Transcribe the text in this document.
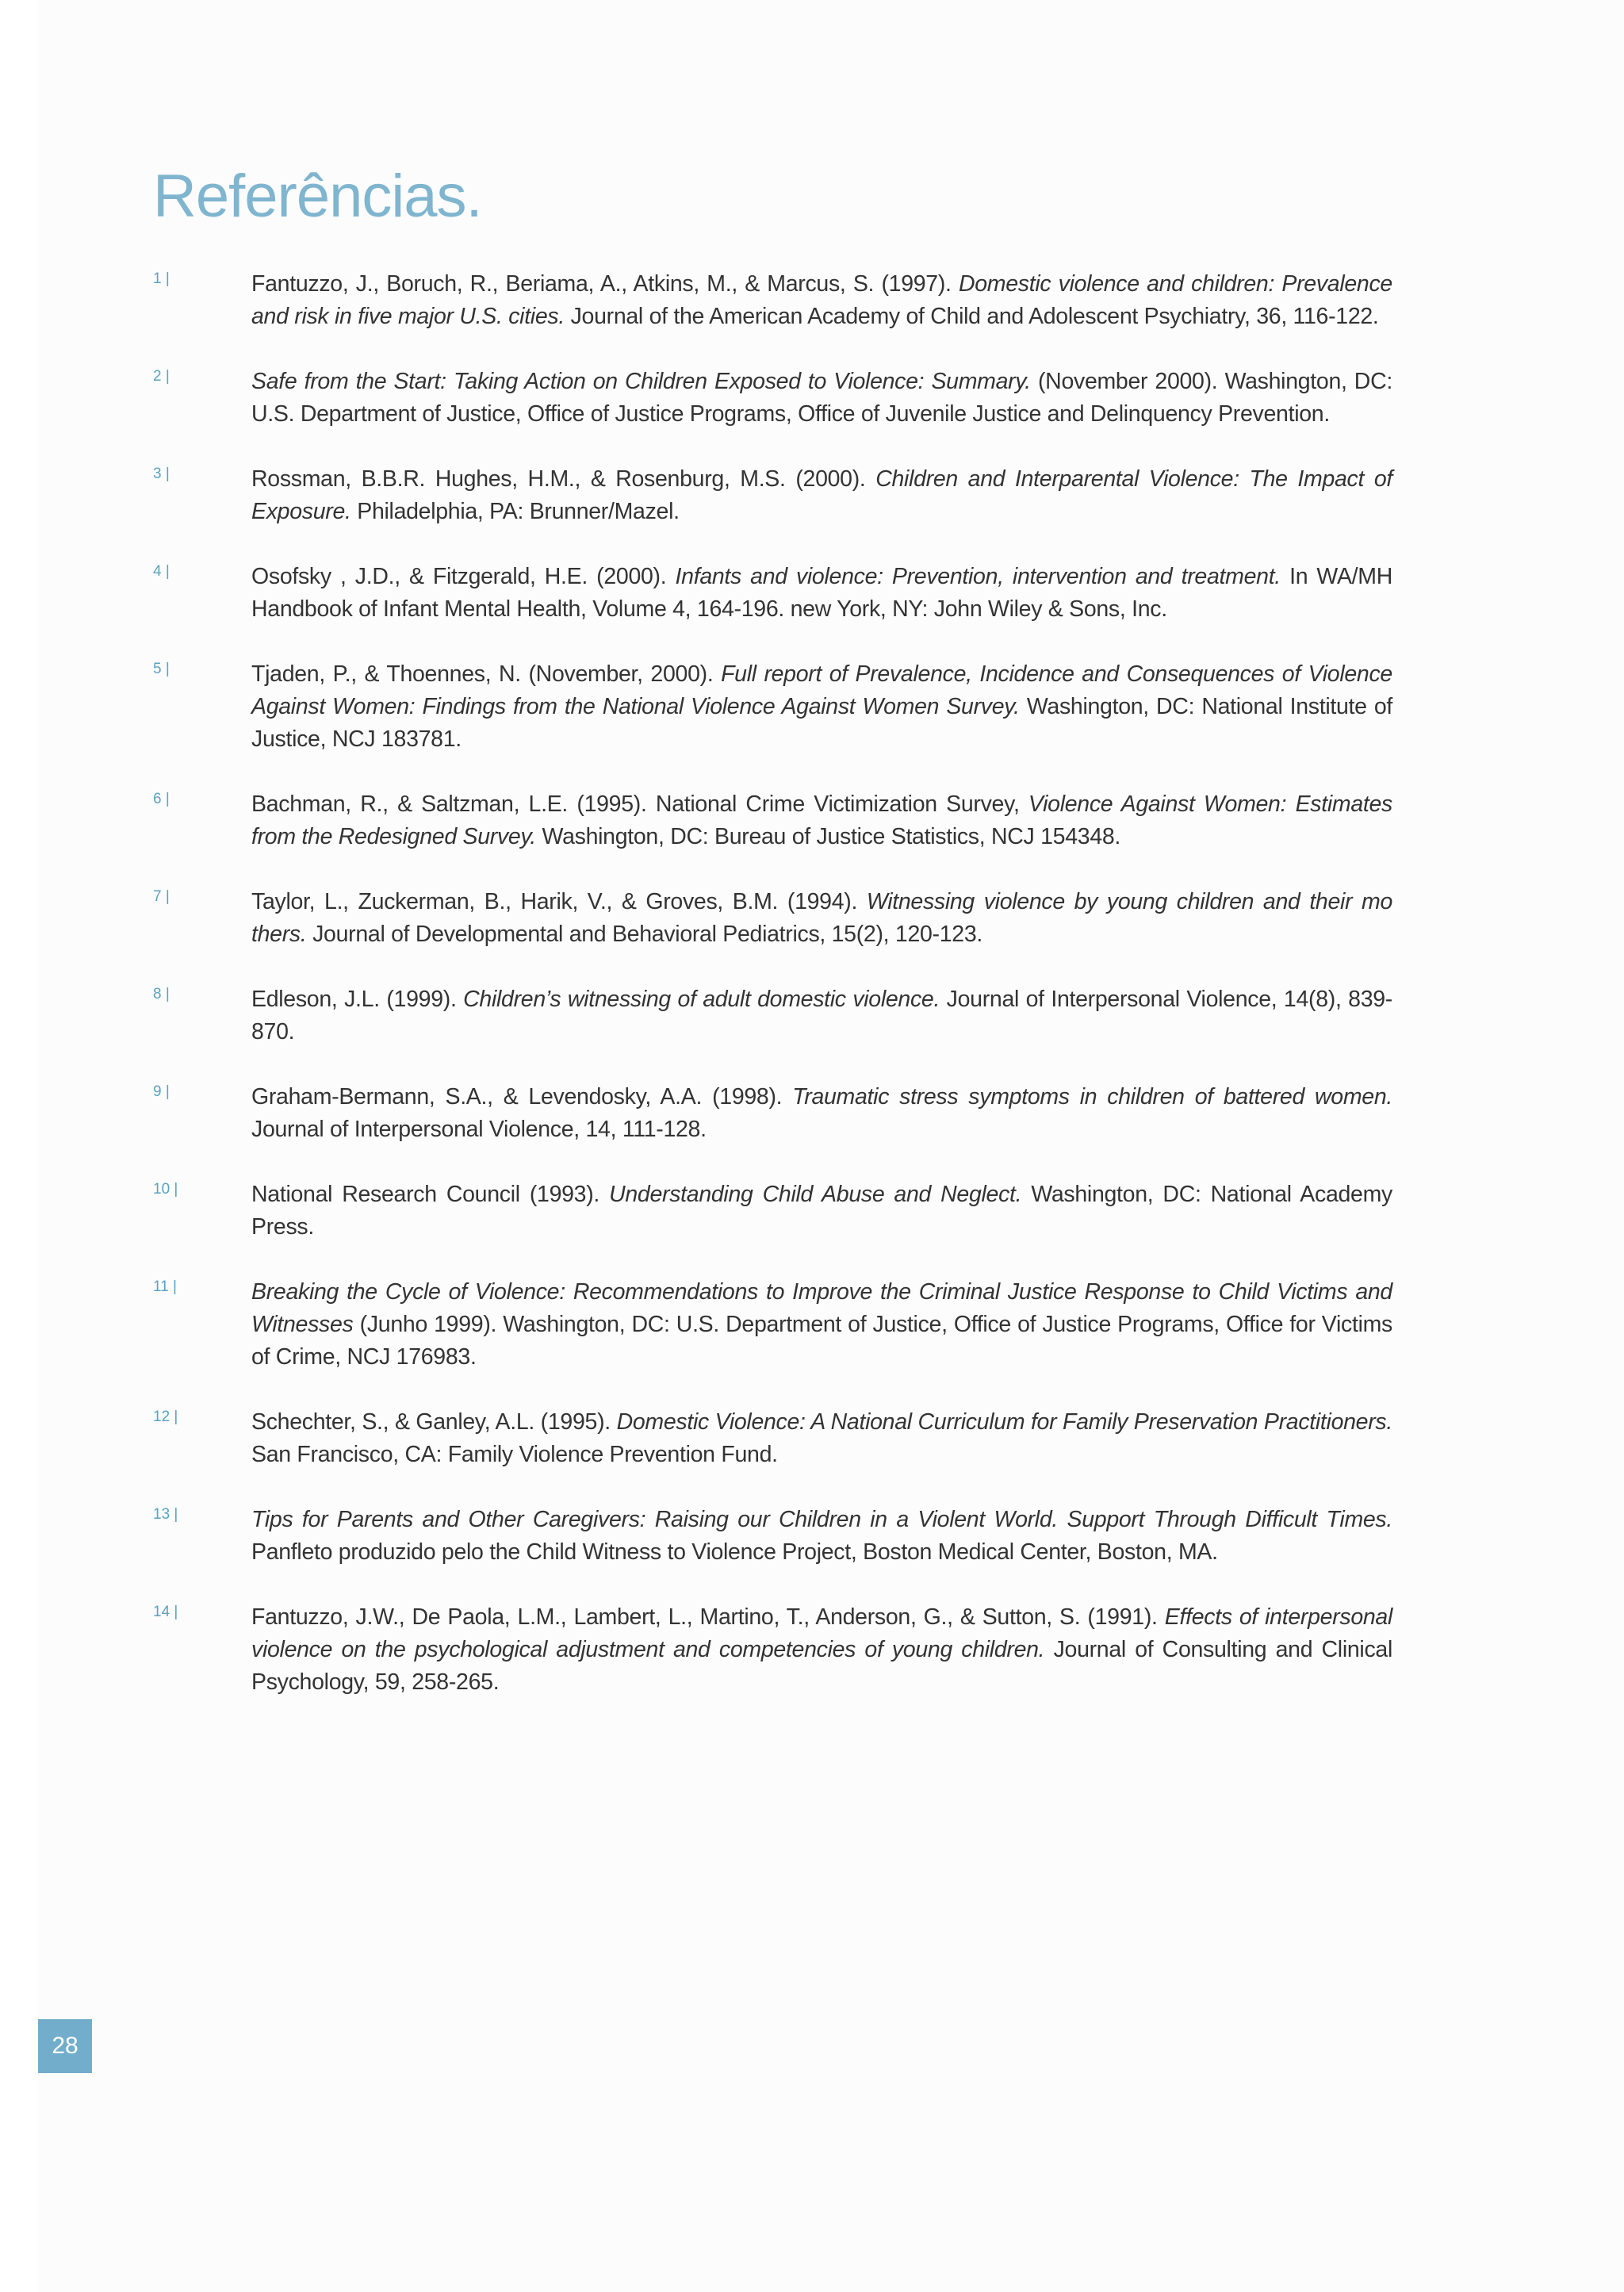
Referências.
1 |	Fantuzzo, J., Boruch, R., Beriama, A., Atkins, M., & Marcus, S. (1997). Domestic violence and children: Prevalence and risk in five major U.S. cities. Journal of the American Academy of Child and Adolescent Psychiatry, 36, 116-122.
2 |	Safe from the Start: Taking Action on Children Exposed to Violence: Summary. (November 2000). Washington, DC: U.S. Department of Justice, Office of Justice Programs, Office of Juvenile Justice and Delinquency Prevention.
3 |	Rossman, B.B.R. Hughes, H.M., & Rosenburg, M.S. (2000). Children and Interparental Violence: The Impact of Exposure. Philadelphia, PA: Brunner/Mazel.
4 |	Osofsky , J.D., & Fitzgerald, H.E. (2000). Infants and violence: Prevention, intervention and treatment. In WA/MH Handbook of Infant Mental Health, Volume 4, 164-196. new York, NY: John Wiley & Sons, Inc.
5 |	Tjaden, P., & Thoennes, N. (November, 2000). Full report of Prevalence, Incidence and Consequences of Violence Against Women: Findings from the National Violence Against Women Survey. Washington, DC: National Institute of Justice, NCJ 183781.
6 |	Bachman, R., & Saltzman, L.E. (1995). National Crime Victimization Survey, Violence Against Women: Estimates from the Redesigned Survey. Washington, DC: Bureau of Justice Statistics, NCJ 154348.
7 |	Taylor, L., Zuckerman, B., Harik, V., & Groves, B.M. (1994). Witnessing violence by young children and their mo thers. Journal of Developmental and Behavioral Pediatrics, 15(2), 120-123.
8 |	Edleson, J.L. (1999). Children’s witnessing of adult domestic violence. Journal of Interpersonal Violence, 14(8), 839-870.
9 |	Graham-Bermann, S.A., & Levendosky, A.A. (1998). Traumatic stress symptoms in children of battered women. Journal of Interpersonal Violence, 14, 111-128.
10 |	National Research Council (1993). Understanding Child Abuse and Neglect. Washington, DC: National Academy Press.
11 |	Breaking the Cycle of Violence: Recommendations to Improve the Criminal Justice Response to Child Victims and Witnesses (Junho 1999). Washington, DC: U.S. Department of Justice, Office of Justice Programs, Office for Victims of Crime, NCJ 176983.
12 |	Schechter, S., & Ganley, A.L. (1995). Domestic Violence: A National Curriculum for Family Preservation Practitioners. San Francisco, CA: Family Violence Prevention Fund.
13 |	Tips for Parents and Other Caregivers: Raising our Children in a Violent World. Support Through Difficult Times. Panfleto produzido pelo the Child Witness to Violence Project, Boston Medical Center, Boston, MA.
14 |	Fantuzzo, J.W., De Paola, L.M., Lambert, L., Martino, T., Anderson, G., & Sutton, S. (1991). Effects of interpersonal violence on the psychological adjustment and competencies of young children. Journal of Consulting and Clinical Psychology, 59, 258-265.
28
